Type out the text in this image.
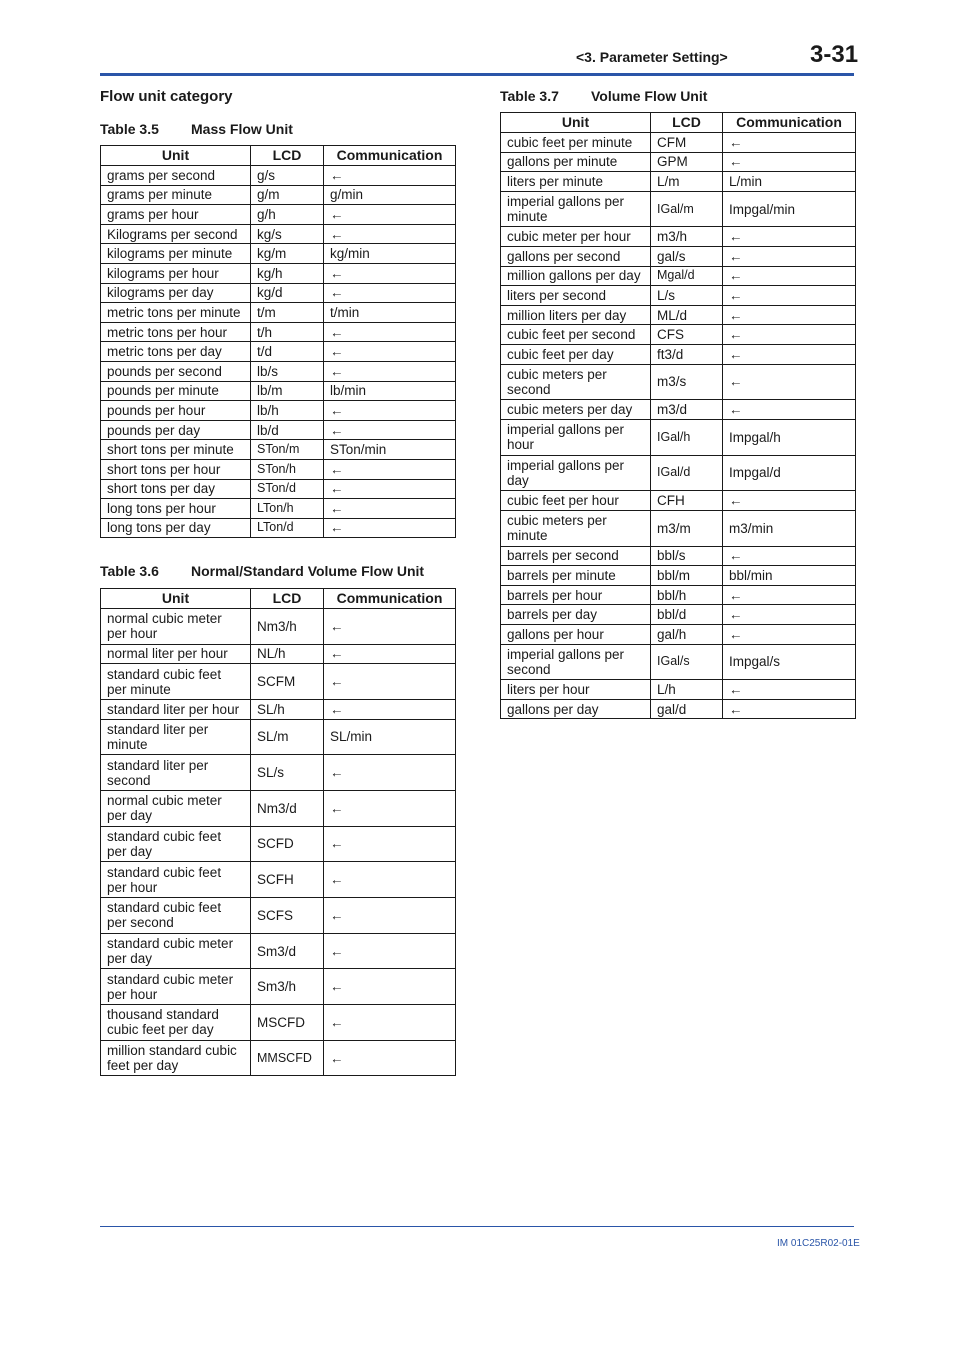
<3. Parameter Setting>	3-31
Flow unit category
Table 3.5 Mass Flow Unit
Unit	LCD	Communication
grams per second	g/s	←
grams per minute	g/m	g/min
grams per hour	g/h	←
Kilograms per second	kg/s	←
kilograms per minute	kg/m	kg/min
kilograms per hour	kg/h	←
kilograms per day	kg/d	←
metric tons per minute	t/m	t/min
metric tons per hour	t/h	←
metric tons per day	t/d	←
pounds per second	lb/s	←
pounds per minute	lb/m	lb/min
pounds per hour	lb/h	←
pounds per day	lb/d	←
short tons per minute	STon/m	STon/min
short tons per hour	STon/h	←
short tons per day	STon/d	←
long tons per hour	LTon/h	←
long tons per day	LTon/d	←
Table 3.6 Normal/Standard Volume Flow Unit
Unit	LCD	Communication
normal cubic meter per hour	Nm3/h	←
normal liter per hour	NL/h	←
standard cubic feet per minute	SCFM	←
standard liter per hour	SL/h	←
standard liter per minute	SL/m	SL/min
standard liter per second	SL/s	←
normal cubic meter per day	Nm3/d	←
standard cubic feet per day	SCFD	←
standard cubic feet per hour	SCFH	←
standard cubic feet per second	SCFS	←
standard cubic meter per day	Sm3/d	←
standard cubic meter per hour	Sm3/h	←
thousand standard cubic feet per day	MSCFD	←
million standard cubic feet per day	MMSCFD	←
Table 3.7 Volume Flow Unit
Unit	LCD	Communication
cubic feet per minute	CFM	←
gallons per minute	GPM	←
liters per minute	L/m	L/min
imperial gallons per minute	IGal/m	Impgal/min
cubic meter per hour	m3/h	←
gallons per second	gal/s	←
million gallons per day	Mgal/d	←
liters per second	L/s	←
million liters per day	ML/d	←
cubic feet per second	CFS	←
cubic feet per day	ft3/d	←
cubic meters per second	m3/s	←
cubic meters per day	m3/d	←
imperial gallons per hour	IGal/h	Impgal/h
imperial gallons per day	IGal/d	Impgal/d
cubic feet per hour	CFH	←
cubic meters per minute	m3/m	m3/min
barrels per second	bbl/s	←
barrels per minute	bbl/m	bbl/min
barrels per hour	bbl/h	←
barrels per day	bbl/d	←
gallons per hour	gal/h	←
imperial gallons per second	IGal/s	Impgal/s
liters per hour	L/h	←
gallons per day	gal/d	←
IM 01C25R02-01E
